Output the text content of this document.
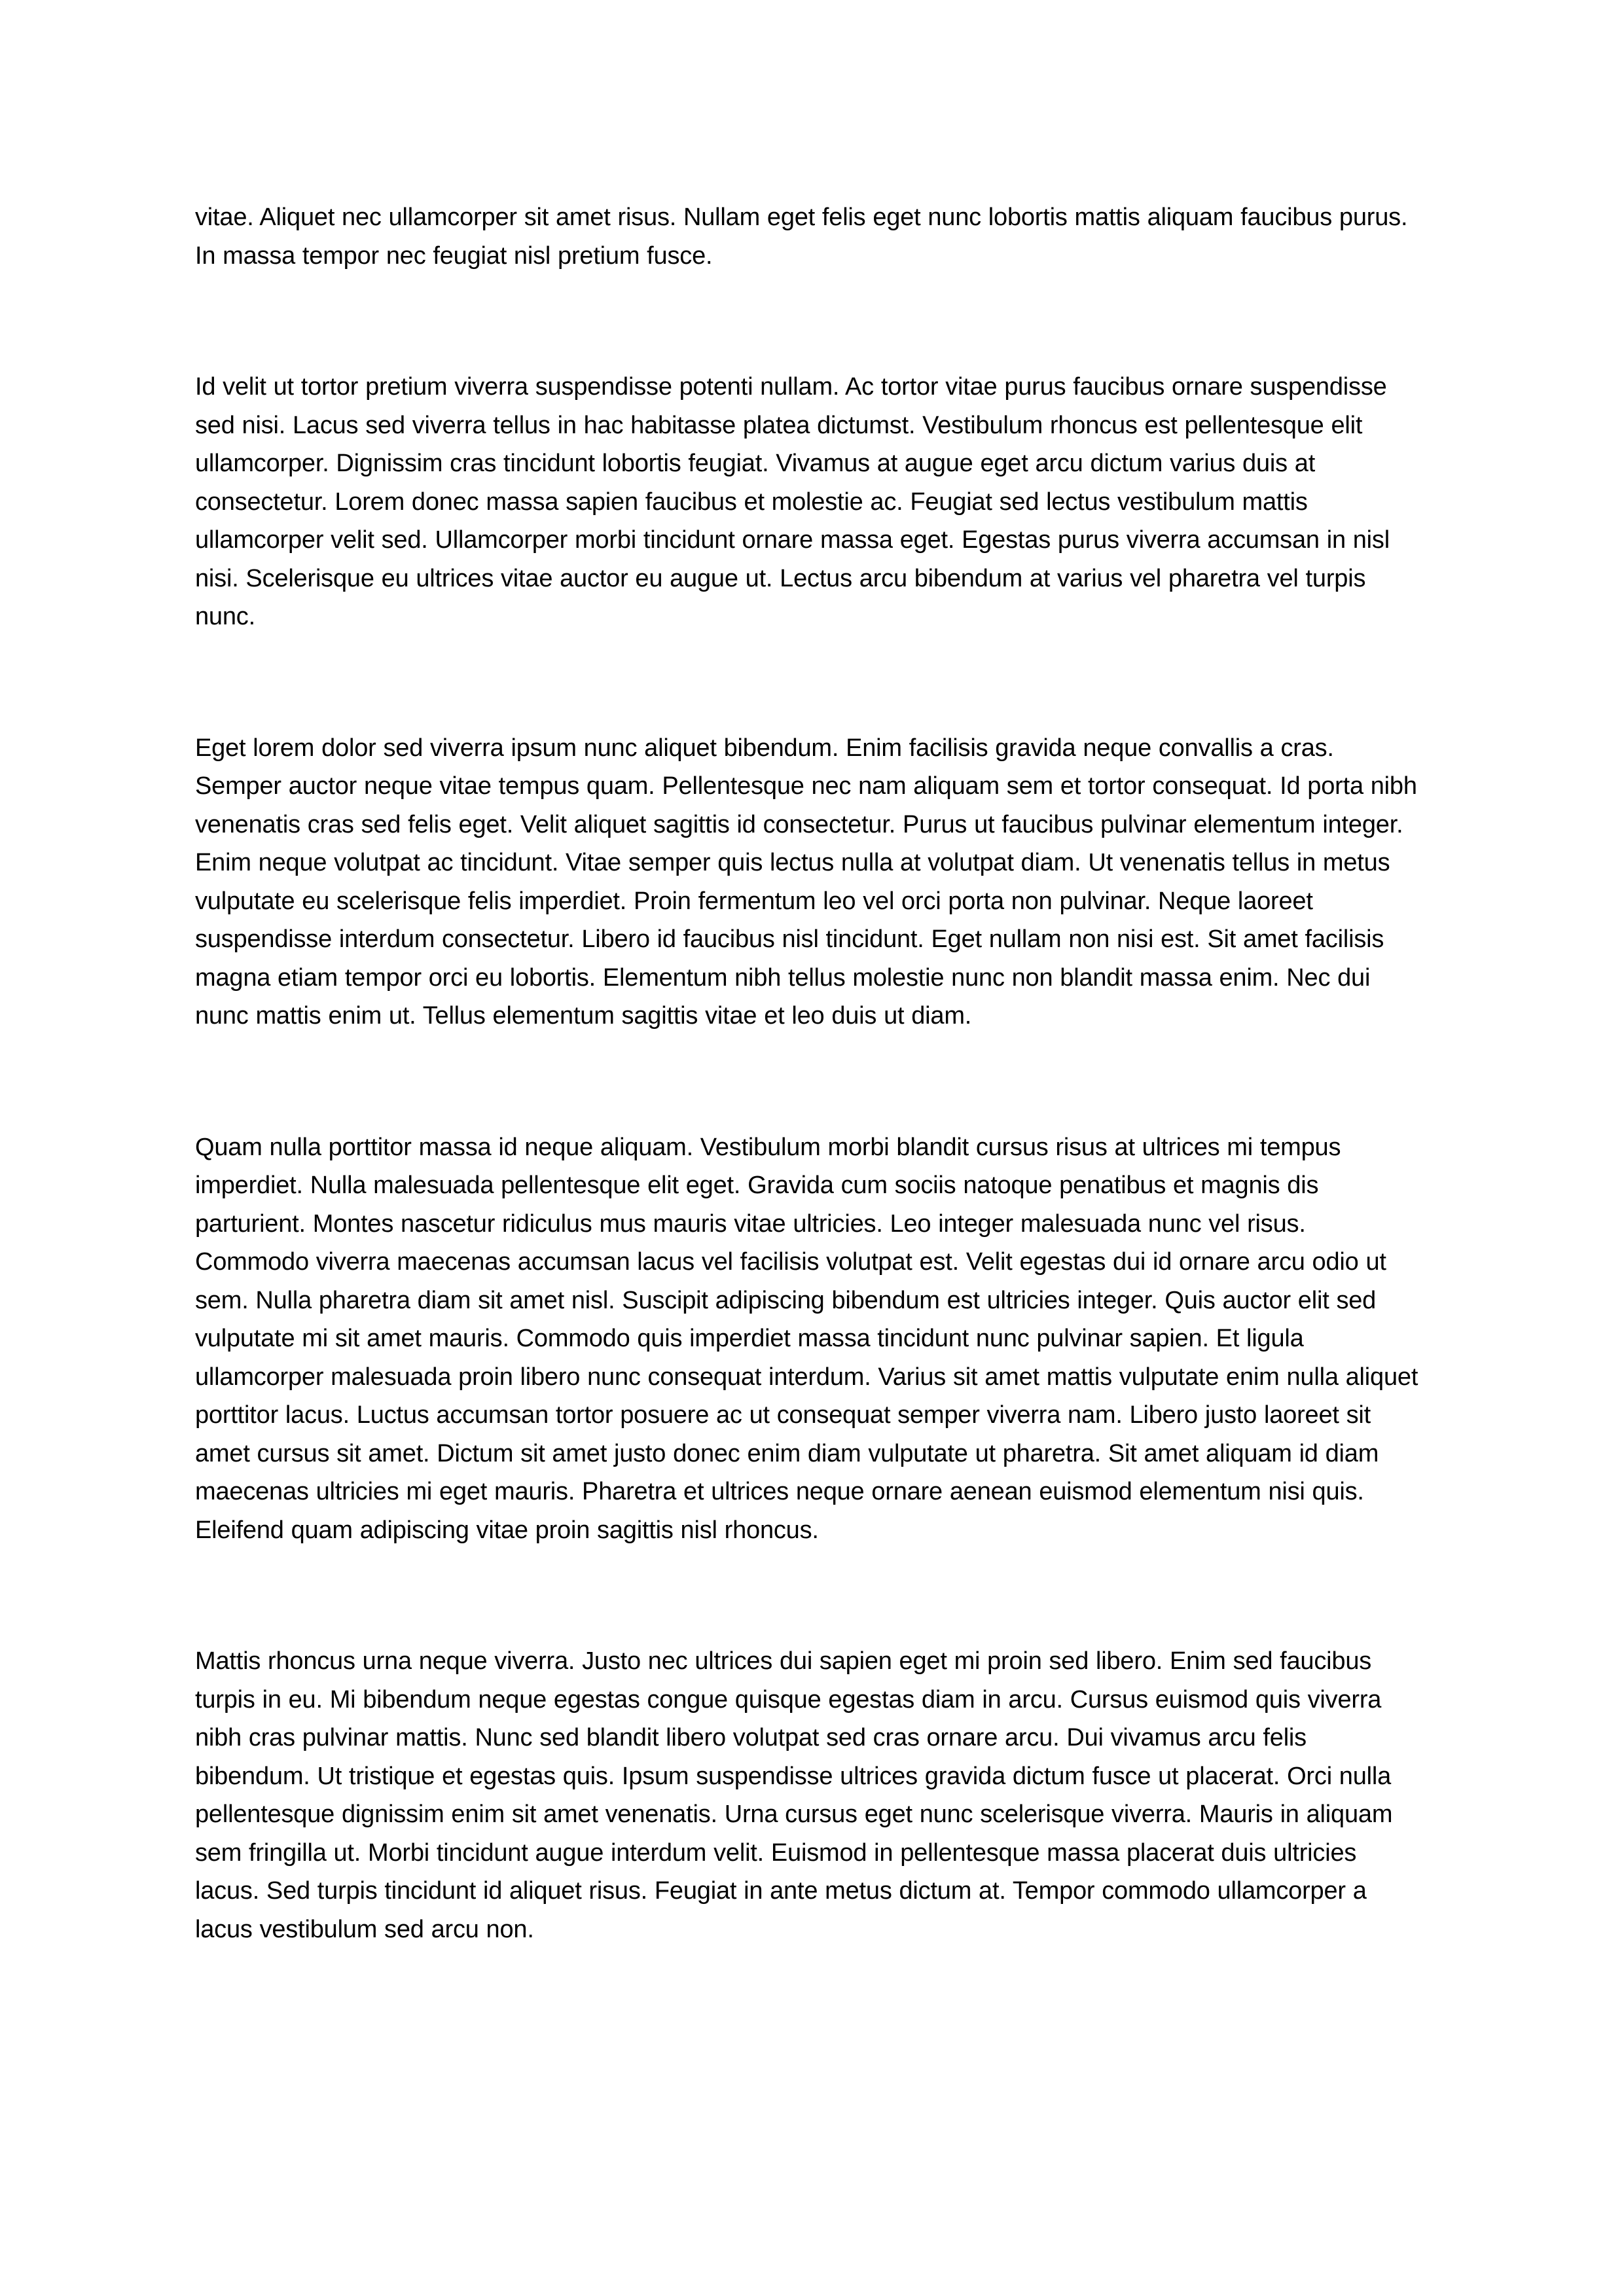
vitae. Aliquet nec ullamcorper sit amet risus. Nullam eget felis eget nunc lobortis mattis aliquam faucibus purus. In massa tempor nec feugiat nisl pretium fusce.

Id velit ut tortor pretium viverra suspendisse potenti nullam. Ac tortor vitae purus faucibus ornare suspendisse sed nisi. Lacus sed viverra tellus in hac habitasse platea dictumst. Vestibulum rhoncus est pellentesque elit ullamcorper. Dignissim cras tincidunt lobortis feugiat. Vivamus at augue eget arcu dictum varius duis at consectetur. Lorem donec massa sapien faucibus et molestie ac. Feugiat sed lectus vestibulum mattis ullamcorper velit sed. Ullamcorper morbi tincidunt ornare massa eget. Egestas purus viverra accumsan in nisl nisi. Scelerisque eu ultrices vitae auctor eu augue ut. Lectus arcu bibendum at varius vel pharetra vel turpis nunc.

Eget lorem dolor sed viverra ipsum nunc aliquet bibendum. Enim facilisis gravida neque convallis a cras. Semper auctor neque vitae tempus quam. Pellentesque nec nam aliquam sem et tortor consequat. Id porta nibh venenatis cras sed felis eget. Velit aliquet sagittis id consectetur. Purus ut faucibus pulvinar elementum integer. Enim neque volutpat ac tincidunt. Vitae semper quis lectus nulla at volutpat diam. Ut venenatis tellus in metus vulputate eu scelerisque felis imperdiet. Proin fermentum leo vel orci porta non pulvinar. Neque laoreet suspendisse interdum consectetur. Libero id faucibus nisl tincidunt. Eget nullam non nisi est. Sit amet facilisis magna etiam tempor orci eu lobortis. Elementum nibh tellus molestie nunc non blandit massa enim. Nec dui nunc mattis enim ut. Tellus elementum sagittis vitae et leo duis ut diam.

Quam nulla porttitor massa id neque aliquam. Vestibulum morbi blandit cursus risus at ultrices mi tempus imperdiet. Nulla malesuada pellentesque elit eget. Gravida cum sociis natoque penatibus et magnis dis parturient. Montes nascetur ridiculus mus mauris vitae ultricies. Leo integer malesuada nunc vel risus. Commodo viverra maecenas accumsan lacus vel facilisis volutpat est. Velit egestas dui id ornare arcu odio ut sem. Nulla pharetra diam sit amet nisl. Suscipit adipiscing bibendum est ultricies integer. Quis auctor elit sed vulputate mi sit amet mauris. Commodo quis imperdiet massa tincidunt nunc pulvinar sapien. Et ligula ullamcorper malesuada proin libero nunc consequat interdum. Varius sit amet mattis vulputate enim nulla aliquet porttitor lacus. Luctus accumsan tortor posuere ac ut consequat semper viverra nam. Libero justo laoreet sit amet cursus sit amet. Dictum sit amet justo donec enim diam vulputate ut pharetra. Sit amet aliquam id diam maecenas ultricies mi eget mauris. Pharetra et ultrices neque ornare aenean euismod elementum nisi quis. Eleifend quam adipiscing vitae proin sagittis nisl rhoncus.

Mattis rhoncus urna neque viverra. Justo nec ultrices dui sapien eget mi proin sed libero. Enim sed faucibus turpis in eu. Mi bibendum neque egestas congue quisque egestas diam in arcu. Cursus euismod quis viverra nibh cras pulvinar mattis. Nunc sed blandit libero volutpat sed cras ornare arcu. Dui vivamus arcu felis bibendum. Ut tristique et egestas quis. Ipsum suspendisse ultrices gravida dictum fusce ut placerat. Orci nulla pellentesque dignissim enim sit amet venenatis. Urna cursus eget nunc scelerisque viverra. Mauris in aliquam sem fringilla ut. Morbi tincidunt augue interdum velit. Euismod in pellentesque massa placerat duis ultricies lacus. Sed turpis tincidunt id aliquet risus. Feugiat in ante metus dictum at. Tempor commodo ullamcorper a lacus vestibulum sed arcu non.
